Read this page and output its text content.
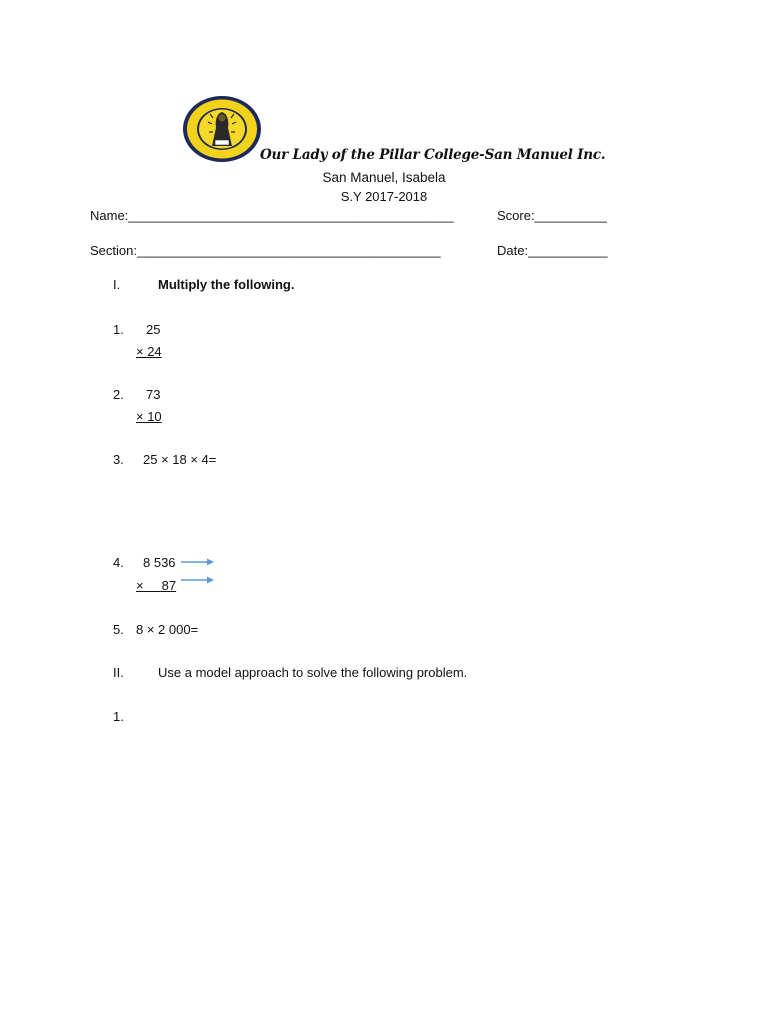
Our Lady of the Pillar College-San Manuel Inc.
San Manuel, Isabela
S.Y 2017-2018
Name:_____________________________________________	Score:__________
Section:__________________________________________	Date:___________
I.	Multiply the following.
1. 25
× 24
2. 73
× 10
3. 25 × 18 × 4=
4. 8 536
×     87
5. 8 × 2 000=
II.	Use a model approach to solve the following problem.
1.
